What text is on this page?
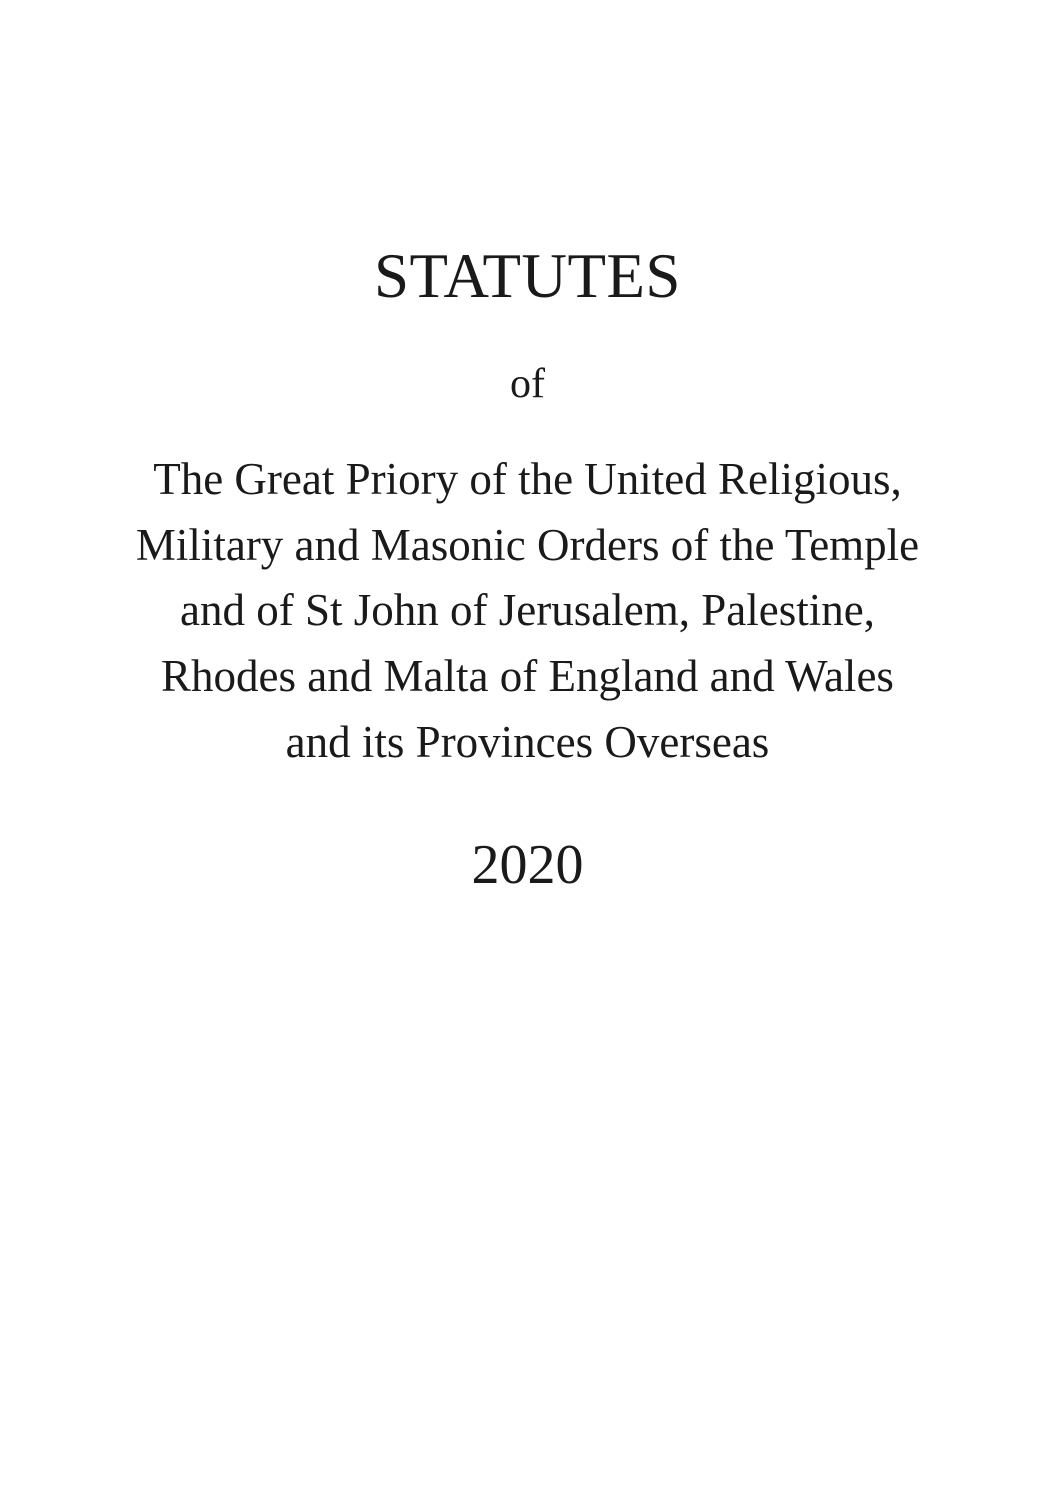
STATUTES

of

The Great Priory of the United Religious,
Military and Masonic Orders of the Temple
and of St John of Jerusalem, Palestine,
Rhodes and Malta of England and Wales
and its Provinces Overseas

2020
